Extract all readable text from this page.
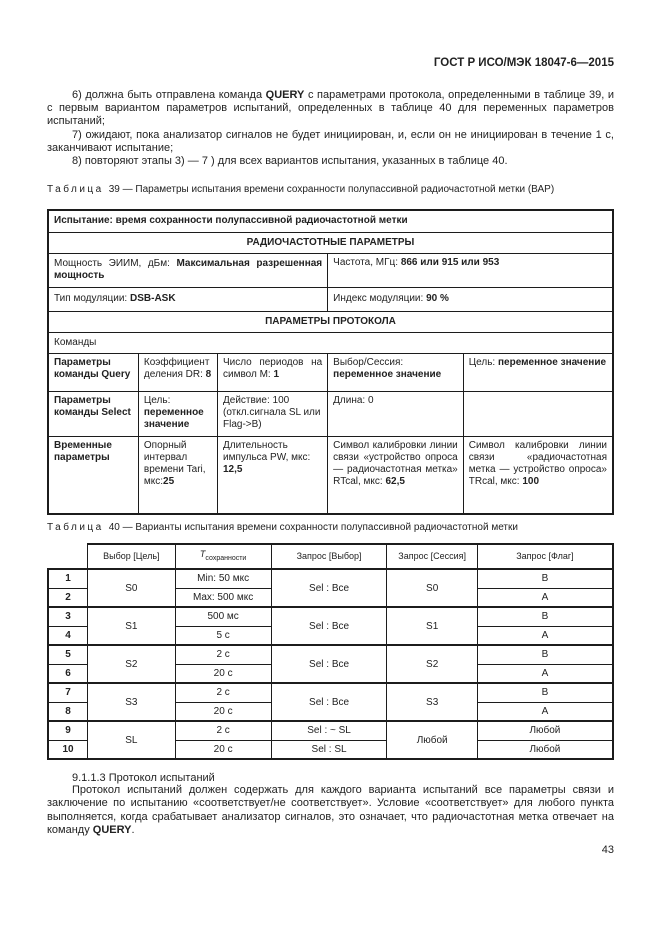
ГОСТ Р ИСО/МЭК 18047-6—2015

6) должна быть отправлена команда QUERY с параметрами протокола, определенными в таблице 39, и с первым вариантом параметров испытаний, определенных в таблице 40 для переменных параметров испытаний;

7) ожидают, пока анализатор сигналов не будет инициирован, и, если он не инициирован в течение 1 с, заканчивают испытание;

8) повторяют этапы 3) — 7 ) для всех вариантов испытания, указанных в таблице 40.

Таблица 39 — Параметры испытания времени сохранности полупассивной радиочастотной метки (ВАР)
Испытание: время сохранности полупассивной радиочастотной метки				
РАДИОЧАСТОТНЫЕ ПАРАМЕТРЫ				
Мощность ЭИИМ, дБм: Максимальная разрешенная мощность			Частота, МГц: 866 или 915 или 953	
Тип модуляции: DSB-ASK			Индекс модуляции: 90 %	
ПАРАМЕТРЫ ПРОТОКОЛА				
Команды				
Параметры команды Query	Коэффициент деления DR: 8	Число периодов на символ M: 1	Выбор/Сессия: переменное значение	Цель: переменное значение
Параметры команды Select	Цель: переменное значение	Действие: 100 (откл.сигнала SL или Flag->B)	Длина: 0	
Временные параметры	Опорный интервал времени Tari, мкс:25	Длительность импульса PW, мкс: 12,5	Символ калибровки линии связи «устройство опроса — радиочастотная метка» RTcal, мкс: 62,5	Символ калибровки линии связи «радиочастотная метка — устройство опроса» TRcal, мкс: 100
Таблица 40 — Варианты испытания времени сохранности полупассивной радиочастотной метки
	Выбор [Цель]	$T_{сохранности}$	Запрос [Выбор]	Запрос [Сессия]	Запрос [Флаг]
1	S0	Min: 50 мкс	Sel : Все	S0	B
2		Max: 500 мкс			A
3	S1	500 мс	Sel : Все	S1	B
4		5 с			A
5	S2	2 с	Sel : Все	S2	B
6		20 с			A
7	S3	2 с	Sel : Все	S3	B
8		20 с			A
9	SL	2 с	Sel : ~ SL	Любой	Любой
10		20 с	Sel : SL		Любой

9.1.1.3 Протокол испытаний

Протокол испытаний должен содержать для каждого варианта испытаний все параметры связи и заключение по испытанию «соответствует/не соответствует». Условие «соответствует» для любого пункта выполняется, когда срабатывает анализатор сигналов, это означает, что радиочастотная метка отвечает на команду QUERY.

43
